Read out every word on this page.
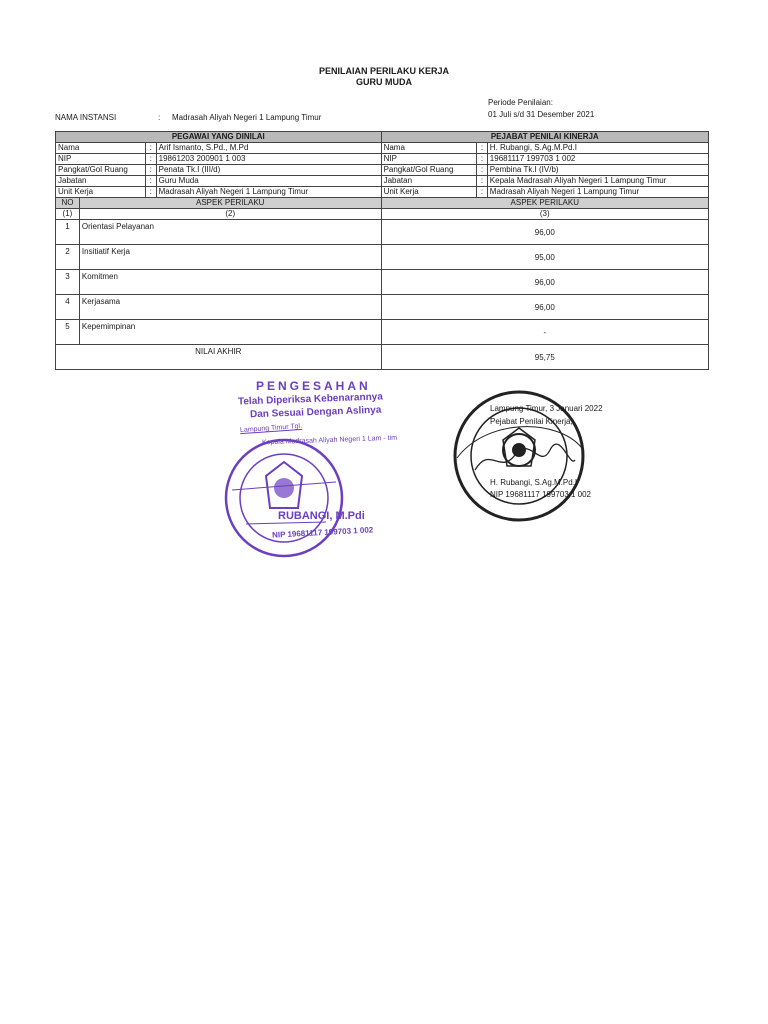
PENILAIAN PERILAKU KERJA
GURU MUDA
Periode Penilaian:
NAMA INSTANSI	: Madrasah Aliyah Negeri 1 Lampung Timur	01 Juli s/d 31 Desember 2021
PEGAWAI YANG DINILAI				PEJABAT PENILAI KINERJA		
Nama		:	Arif Ismanto, S.Pd., M.Pd	Nama	:	H. Rubangi, S.Ag.M.Pd.I
NIP		:	19861203 200901 1 003	NIP	:	19681117 199703 1 002
Pangkat/Gol Ruang		:	Penata Tk.I (III/d)	Pangkat/Gol Ruang	:	Pembina Tk.I (IV/b)
Jabatan		:	Guru Muda	Jabatan	:	Kepala Madrasah Aliyah Negeri 1 Lampung Timur
Unit Kerja		:	Madrasah Aliyah Negeri 1 Lampung Timur	Unit Kerja	:	Madrasah Aliyah Negeri 1 Lampung Timur
NO	ASPEK PERILAKU			ASPEK PERILAKU		
(1)	(2)			(3)		
1	Orientasi Pelayanan			96,00		
2	Insitiatif Kerja			95,00		
3	Komitmen			96,00		
4	Kerjasama			96,00		
5	Kepemimpinan			-		
NILAI AKHIR				95,75		
PENGESAHAN
Telah Diperiksa Kebenarannya
Dan Sesuai Dengan Aslinya
Lampung Timur Tgl.
Kepala Madrasah Aliyah Negeri 1 Lam - tim
RUBANGI, M.Pdi
NIP 19681117 199703 1 002
Lampung Timur, 3 Januari 2022
Pejabat Penilai Kinerja,
H. Rubangi, S.Ag.M.Pd.I
NIP 19681117 199703 1 002
